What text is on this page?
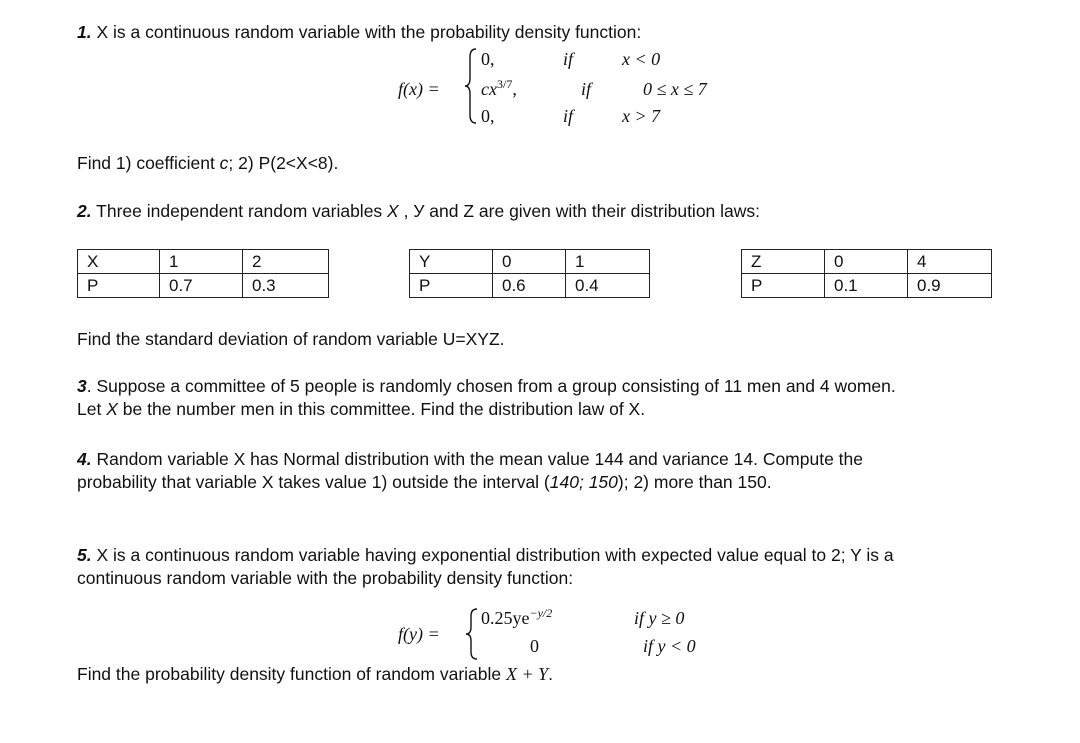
1. X is a continuous random variable with the probability density function:
f(x) =
0,	if	x < 0
$cx^{3/7}$,	if	0 ≤ x ≤ 7
0,	if	x > 7
Find 1) coefficient c; 2) P(2<X<8).
2. Three independent random variables X , У and Z are given with their distribution laws:
X	1	2
P	0.7	0.3
Y	0	1
P	0.6	0.4
Z	0	4
P	0.1	0.9
Find the standard deviation of random variable U=XYZ.
3. Suppose a committee of 5 people is randomly chosen from a group consisting of 11 men and 4 women.
Let X be the number men in this committee. Find the distribution law of X.
4. Random variable X has Normal distribution with the mean value 144 and variance 14. Compute the
probability that variable X takes value 1) outside the interval (140; 150); 2) more than 150.
5. X is a continuous random variable having exponential distribution with expected value equal to 2; Y is a
continuous random variable with the probability density function:
f(y) =
$0.25ye^{-y/2}$	if y ≥ 0
0	if y < 0
Find the probability density function of random variable X + Y.
